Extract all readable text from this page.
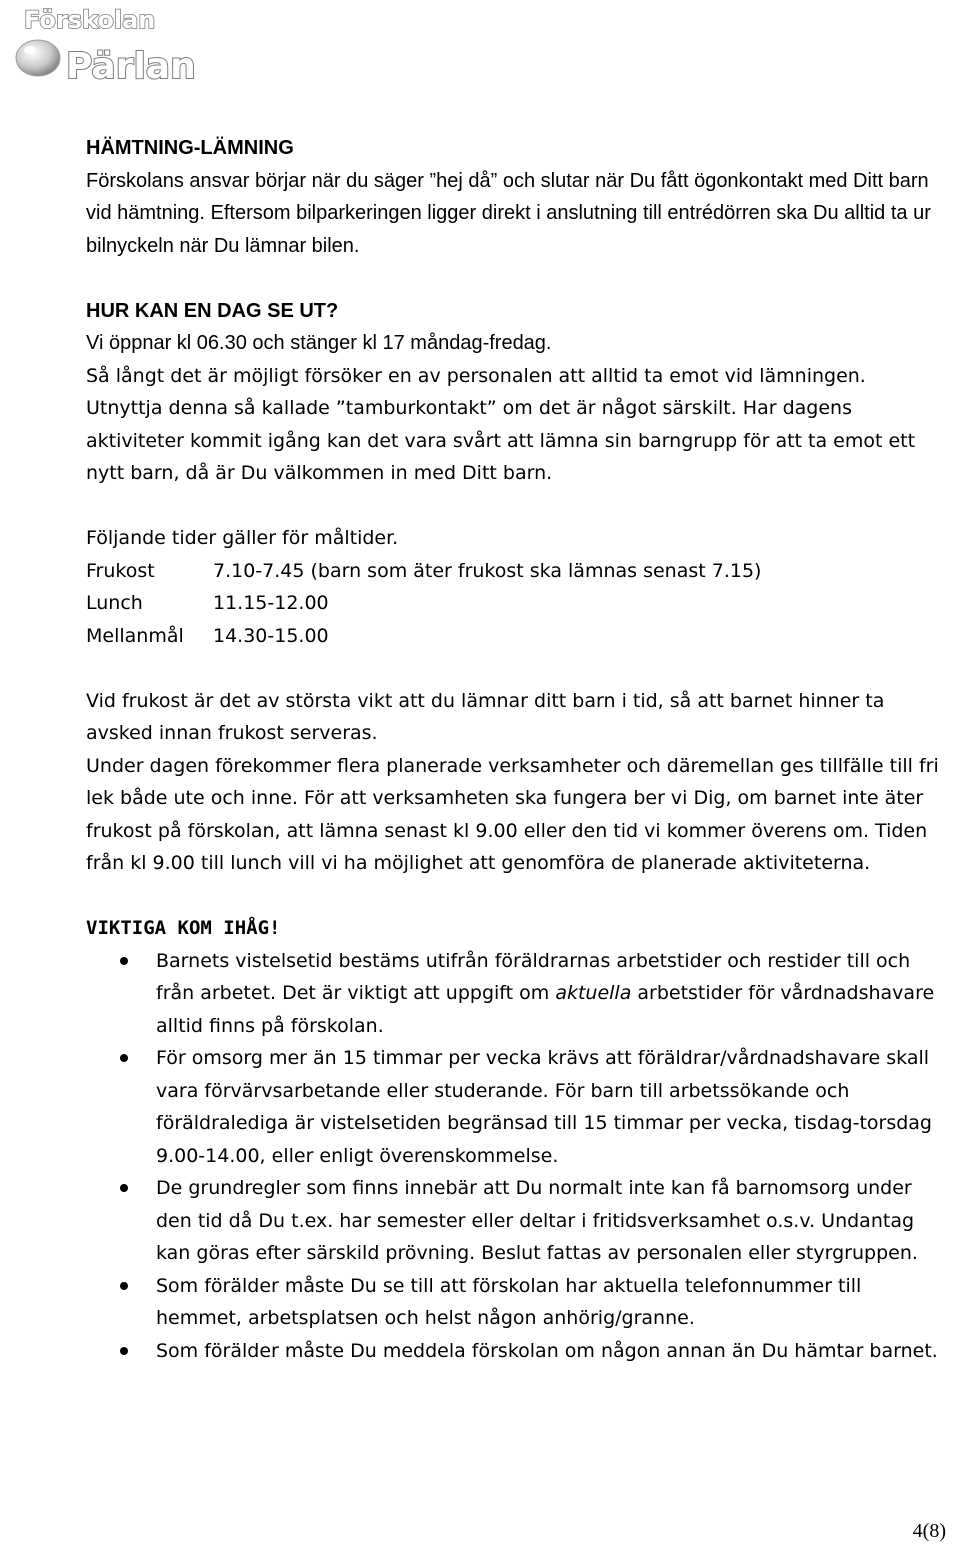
Förskolan
Pärlan

HÄMTNING-LÄMNING

Förskolans ansvar börjar när du säger ”hej då” och slutar när Du fått ögonkontakt med Ditt barn vid hämtning. Eftersom bilparkeringen ligger direkt i anslutning till entrédörren ska Du alltid ta ur bilnyckeln när Du lämnar bilen.

HUR KAN EN DAG SE UT?

Vi öppnar kl 06.30 och stänger kl 17 måndag-fredag.

Så långt det är möjligt försöker en av personalen att alltid ta emot vid lämningen. Utnyttja denna så kallade ”tamburkontakt” om det är något särskilt. Har dagens aktiviteter kommit igång kan det vara svårt att lämna sin barngrupp för att ta emot ett nytt barn, då är Du välkommen in med Ditt barn.

Följande tider gäller för måltider.

Frukost	7.10-7.45 (barn som äter frukost ska lämnas senast 7.15)
Lunch	11.15-12.00
Mellanmål	14.30-15.00

Vid frukost är det av största vikt att du lämnar ditt barn i tid, så att barnet hinner ta avsked innan frukost serveras.

Under dagen förekommer flera planerade verksamheter och däremellan ges tillfälle till fri lek både ute och inne. För att verksamheten ska fungera ber vi Dig, om barnet inte äter frukost på förskolan, att lämna senast kl 9.00 eller den tid vi kommer överens om. Tiden från kl 9.00 till lunch vill vi ha möjlighet att genomföra de planerade aktiviteterna.

VIKTIGA KOM IHÅG!

Barnets vistelsetid bestäms utifrån föräldrarnas arbetstider och restider till och från arbetet. Det är viktigt att uppgift om aktuella arbetstider för vårdnadshavare alltid finns på förskolan.
För omsorg mer än 15 timmar per vecka krävs att föräldrar/vårdnadshavare skall vara förvärvsarbetande eller studerande. För barn till arbetssökande och föräldralediga är vistelsetiden begränsad till 15 timmar per vecka, tisdag-torsdag 9.00-14.00, eller enligt överenskommelse.
De grundregler som finns innebär att Du normalt inte kan få barnomsorg under den tid då Du t.ex. har semester eller deltar i fritidsverksamhet o.s.v. Undantag kan göras efter särskild prövning. Beslut fattas av personalen eller styrgruppen.
Som förälder måste Du se till att förskolan har aktuella telefonnummer till hemmet, arbetsplatsen och helst någon anhörig/granne.
Som förälder måste Du meddela förskolan om någon annan än Du hämtar barnet.
4(8)
